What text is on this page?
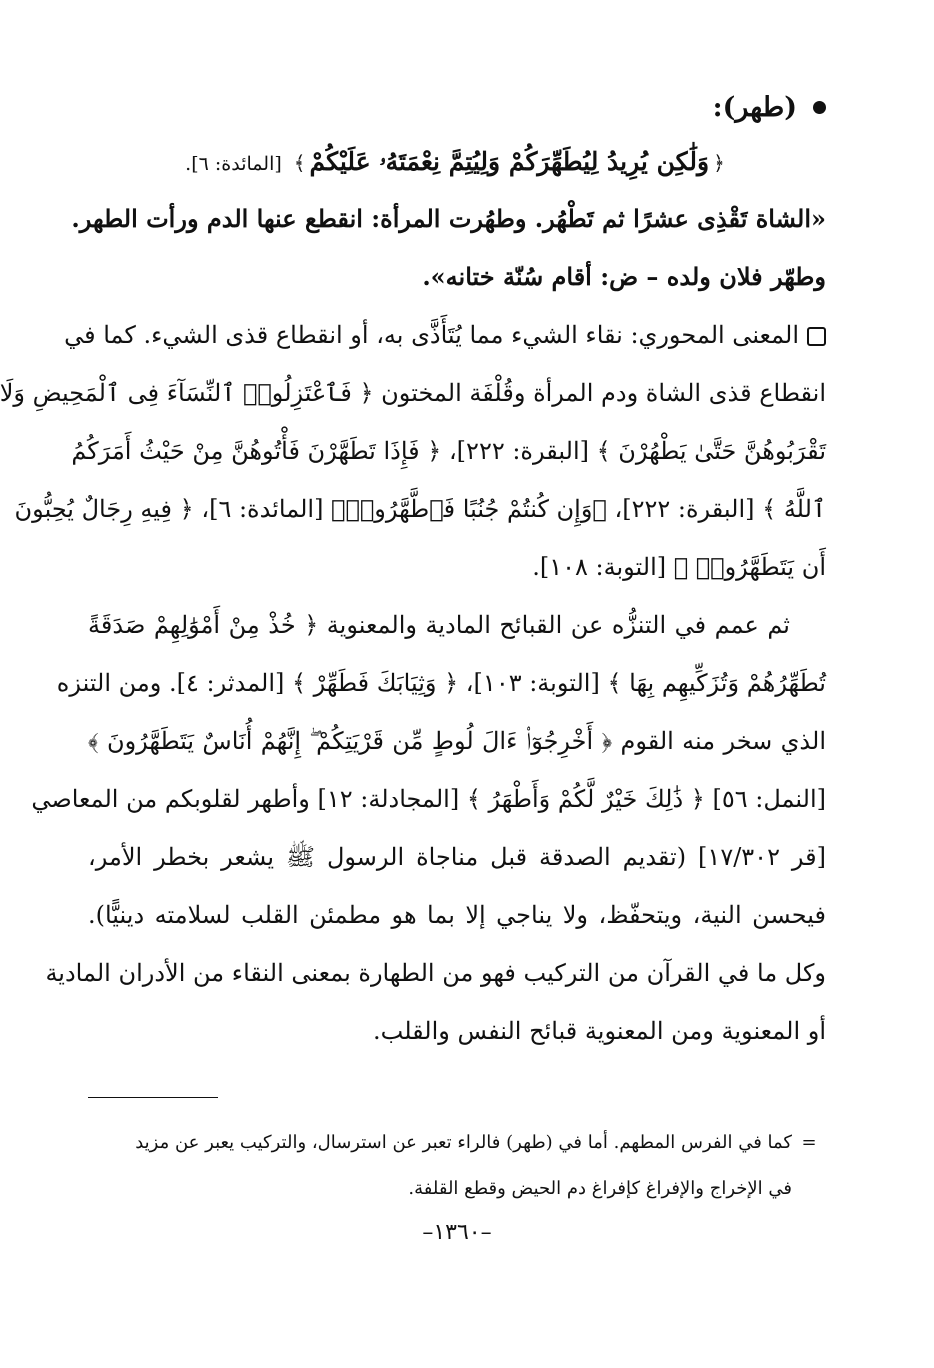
(طهر):
﴿وَلَٰكِن يُرِيدُ لِيُطَهِّرَكُمْ وَلِيُتِمَّ نِعْمَتَهُۥ عَلَيْكُمْ﴾ [المائدة: ٦].
«الشاة تَقْذِى عشرًا ثم تَطْهُر. وطهُرت المرأة: انقطع عنها الدم ورأت الطهر.
وطهّر فلان ولده – ض: أقام سُنّة ختانه».
المعنى المحوري: نقاء الشيء مما يُتَأَذَّى به، أو انقطاع قذى الشيء. كما في
انقطاع قذى الشاة ودم المرأة وقُلْفَة المختون ﴿ فَٱعْتَزِلُوا۟ ٱلنِّسَآءَ فِى ٱلْمَحِيضِ وَلَا
تَقْرَبُوهُنَّ حَتَّىٰ يَطْهُرْنَ ﴾ [البقرة: ٢٢٢]، ﴿ فَإِذَا تَطَهَّرْنَ فَأْتُوهُنَّ مِنْ حَيْثُ أَمَرَكُمُ
ٱللَّهُ ﴾ [البقرة: ٢٢٢]، ﴿وَإِن كُنتُمْ جُنُبًا فَٱطَّهَّرُوا۟﴾ [المائدة: ٦]، ﴿ فِيهِ رِجَالٌ يُحِبُّونَ
أَن يَتَطَهَّرُوا۟ ﴾ [التوبة: ١٠٨].
ثم عمم في التنزُّه عن القبائح المادية والمعنوية ﴿ خُذْ مِنْ أَمْوَٰلِهِمْ صَدَقَةً
تُطَهِّرُهُمْ وَتُزَكِّيهِم بِهَا ﴾ [التوبة: ١٠٣]، ﴿ وَثِيَابَكَ فَطَهِّرْ ﴾ [المدثر: ٤]. ومن التنزه
الذي سخر منه القوم ﴿ أَخْرِجُوٓا۟ ءَالَ لُوطٍ مِّن قَرْيَتِكُمْ ۖ إِنَّهُمْ أُنَاسٌ يَتَطَهَّرُونَ ﴾
[النمل: ٥٦] ﴿ ذَٰلِكَ خَيْرٌ لَّكُمْ وَأَطْهَرُ ﴾ [المجادلة: ١٢] وأطهر لقلوبكم من المعاصي
[قر ١٧/٣٠٢] (تقديم الصدقة قبل مناجاة الرسول ﷺ يشعر بخطر الأمر،
فيحسن النية، ويتحفّظ، ولا يناجي إلا بما هو مطمئن القلب لسلامته دينيًّا).
وكل ما في القرآن من التركيب فهو من الطهارة بمعنى النقاء من الأدران المادية
أو المعنوية ومن المعنوية قبائح النفس والقلب.
=كما في الفرس المطهم. أما في (طهر) فالراء تعبر عن استرسال، والتركيب يعبر عن مزيد
في الإخراج والإفراغ كإفراغ دم الحيض وقطع القلفة.
–١٣٦٠–
